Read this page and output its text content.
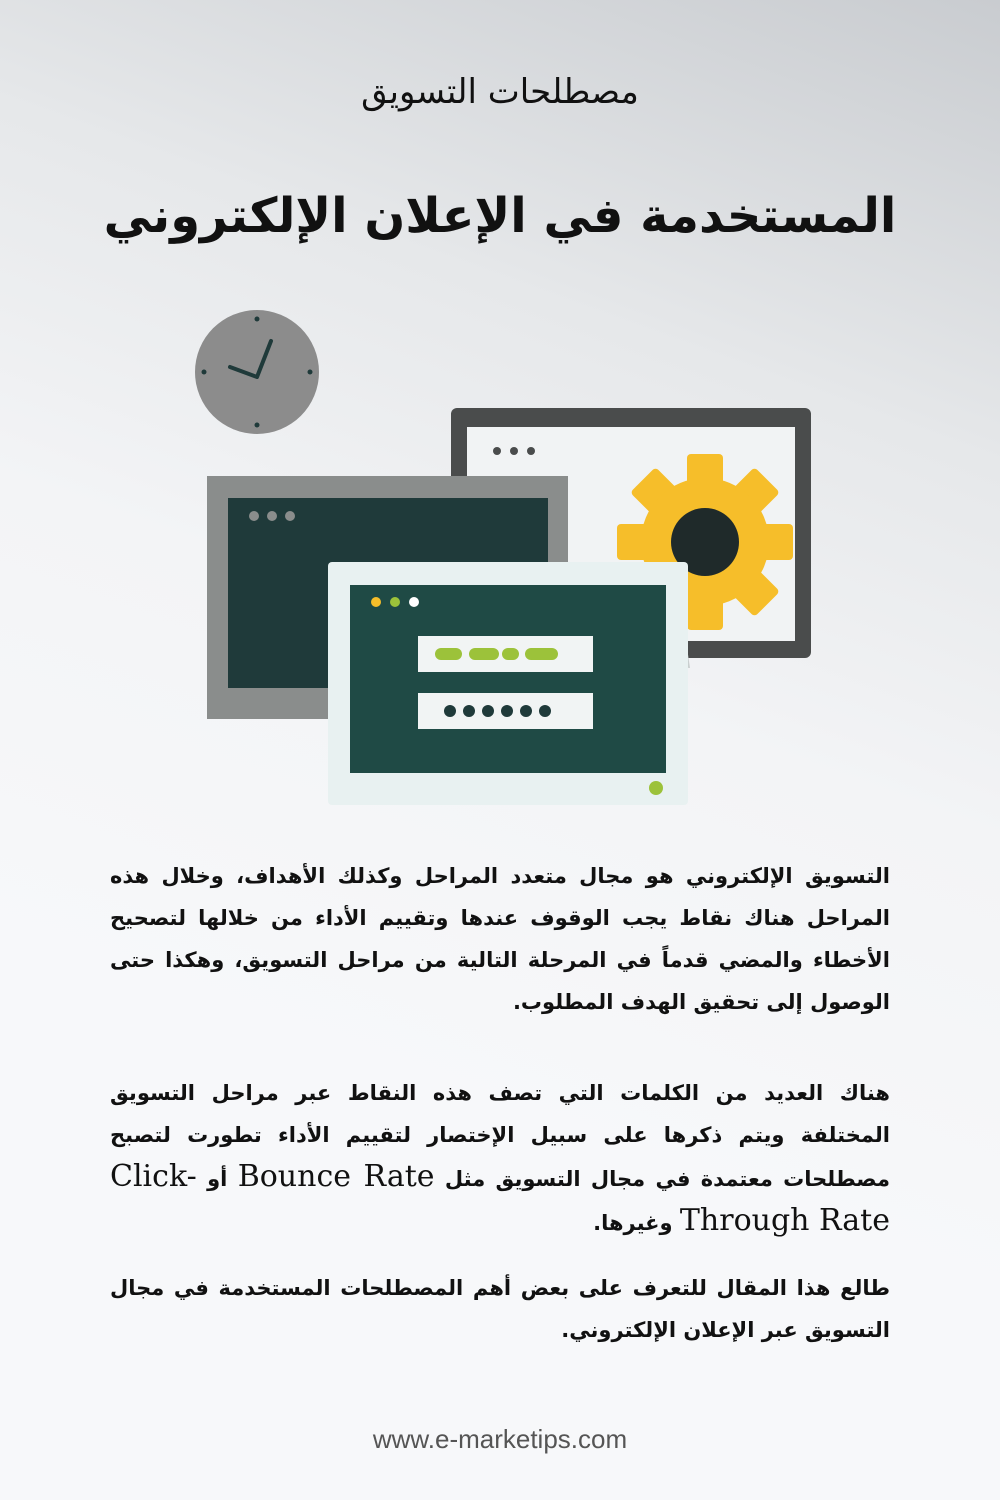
مصطلحات التسويق
المستخدمة في الإعلان الإلكتروني
التسويق الإلكتروني هو مجال متعدد المراحل وكذلك الأهداف، وخلال هذه المراحل هناك نقاط يجب الوقوف عندها وتقييم الأداء من خلالها لتصحيح الأخطاء والمضي قدماً في المرحلة التالية من مراحل التسويق، وهكذا حتى الوصول إلى تحقيق الهدف المطلوب.
هناك العديد من الكلمات التي تصف هذه النقاط عبر مراحل التسويق المختلفة ويتم ذكرها على سبيل الإختصار لتقييم الأداء تطورت لتصبح مصطلحات معتمدة في مجال التسويق مثل Bounce Rate أو Click-Through Rate وغيرها.
طالع هذا المقال للتعرف على بعض أهم المصطلحات المستخدمة في مجال التسويق عبر الإعلان الإلكتروني.
www.e-marketips.com
